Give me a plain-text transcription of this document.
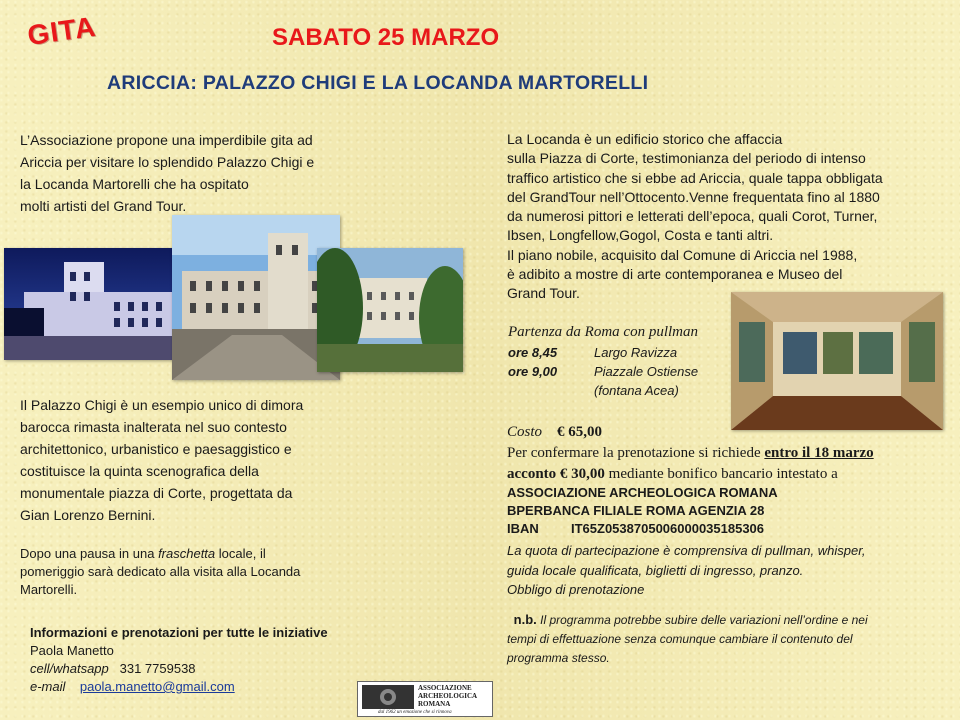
GITA	SABATO 25 MARZO
ARICCIA: PALAZZO CHIGI E LA LOCANDA MARTORELLI
L’Associazione propone una imperdibile gita ad
Ariccia per visitare lo splendido Palazzo Chigi e
la Locanda Martorelli che ha ospitato
molti artisti del Grand Tour.
Il Palazzo Chigi è un esempio unico di dimora
barocca rimasta inalterata nel suo contesto
architettonico, urbanistico e paesaggistico e
costituisce la quinta scenografica della
monumentale piazza di Corte, progettata da
Gian Lorenzo Bernini.
Dopo una pausa in una fraschetta locale, il
pomeriggio sarà dedicato alla visita alla Locanda
Martorelli.
Informazioni e prenotazioni per tutte le iniziative
Paola Manetto
cell/whatsapp 331 7759538
e-mail paola.manetto@gmail.com
La Locanda è un edificio storico che affaccia
sulla Piazza di Corte, testimonianza del periodo di intenso
traffico artistico che si ebbe ad Ariccia, quale tappa obbligata
del GrandTour nell’Ottocento.Venne frequentata fino al 1880
da numerosi pittori e letterati dell’epoca, quali Corot, Turner,
Ibsen, Longfellow,Gogol, Costa e tanti altri.
Il piano nobile, acquisito dal Comune di Ariccia nel 1988,
è adibito a mostre di arte contemporanea e Museo del
Grand Tour.
Partenza da Roma con pullman
ore 8,45	Largo Ravizza
ore 9,00	Piazzale Ostiense
(fontana Acea)
Costo € 65,00
Per confermare la prenotazione si richiede entro il 18 marzo
acconto € 30,00 mediante bonifico bancario intestato a
ASSOCIAZIONE ARCHEOLOGICA ROMANA
BPERBANCA FILIALE ROMA AGENZIA 28
IBAN IT65Z0538705006000035185306
La quota di partecipazione è comprensiva di pullman, whisper,
guida locale qualificata, biglietti di ingresso, pranzo.
Obbligo di prenotazione
n.b. Il programma potrebbe subire delle variazioni nell’ordine e nei
tempi di effettuazione senza comunque cambiare il contenuto del
programma stesso.
ASSOCIAZIONE
ARCHEOLOGICA
ROMANA
dal 1962 un emozione che si rinnova
